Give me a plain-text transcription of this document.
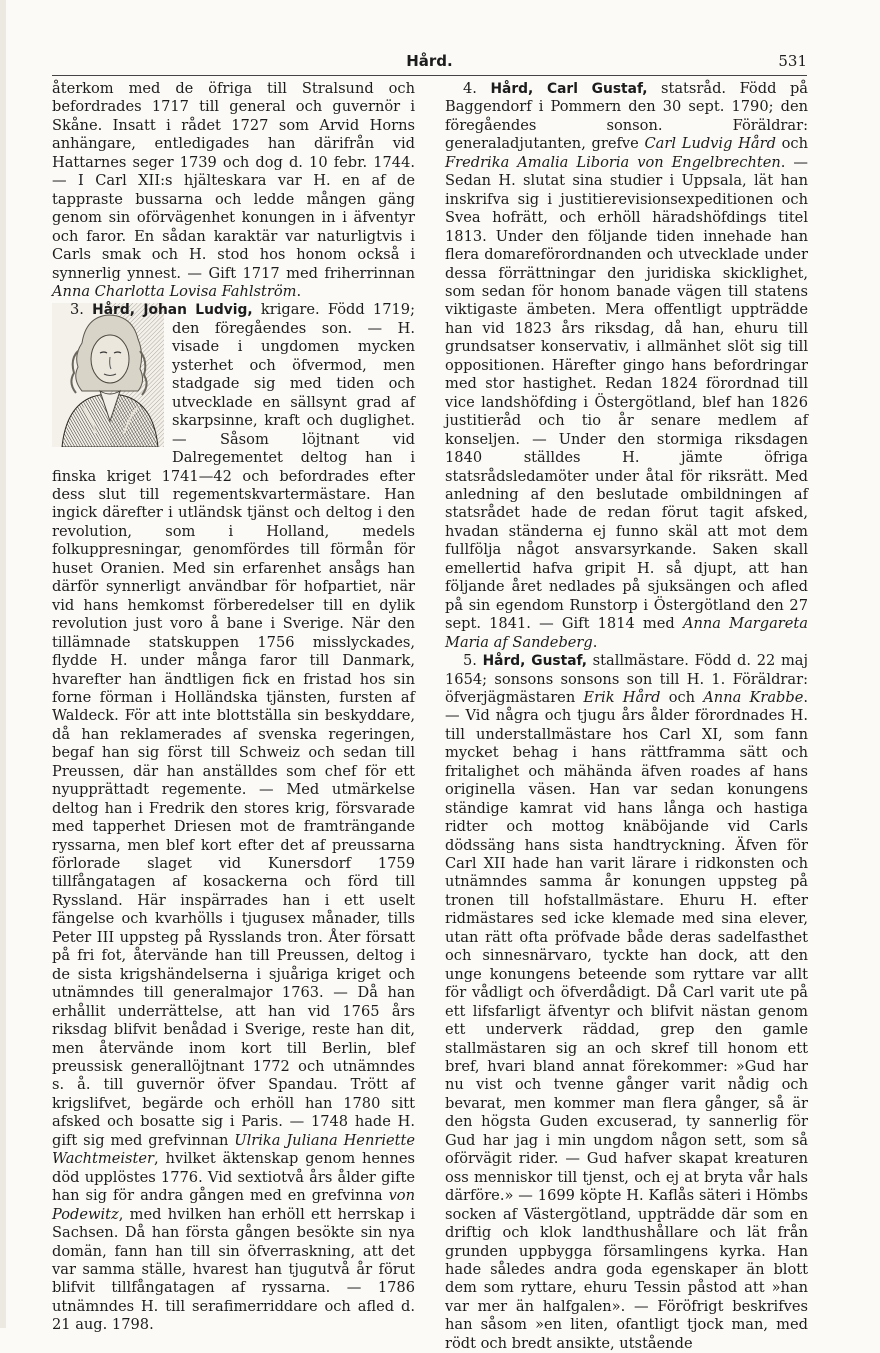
Hård.	531

återkom med de öfriga till Stralsund och befordrades 1717 till general och guvernör i Skåne. Insatt i rådet 1727 som Arvid Horns anhängare, entledigades han därifrån vid Hattarnes seger 1739 och dog d. 10 febr. 1744. — I Carl XII:s hjälteskara var H. en af de tappraste bussarna och ledde mången gäng genom sin oförvägenhet konungen in i äfventyr och faror. En sådan karaktär var naturligtvis i Carls smak och H. stod hos honom också i synnerlig ynnest. — Gift 1717 med friherrinnan Anna Charlotta Lovisa Fahlström.

3. Hård, Johan Ludvig,
krigare. Född 1719; den föregåendes son. — H. visade i ungdomen mycken ysterhet och öfvermod, men stadgade sig med tiden och utvecklade en sällsynt grad af skarpsinne, kraft och duglighet. — Såsom löjtnant vid Dalregementet deltog han i finska kriget 1741—42 och befordrades efter dess slut till regementskvartermästare. Han ingick därefter i utländsk tjänst och deltog i den revolution, som i Holland, medels folkuppresningar, genomfördes till förmån för huset Oranien. Med sin erfarenhet ansågs han därför synnerligt användbar för hofpartiet, när vid hans hemkomst förberedelser till en dylik revolution just voro å bane i Sverige. När den tillämnade statskuppen 1756 misslyckades, flydde H. under många faror till Danmark, hvarefter han ändtligen fick en fristad hos sin forne förman i Holländska tjänsten, fursten af Waldeck. För att inte blottställa sin beskyddare, då han reklamerades af svenska regeringen, begaf han sig först till Schweiz och sedan till Preussen, där han anställdes som chef för ett nyupprättadt regemente. — Med utmärkelse deltog han i Fredrik den stores krig, försvarade med tapperhet Driesen mot de framträngande ryssarna, men blef kort efter det af preussarna förlorade slaget vid Kunersdorf 1759 tillfångatagen af kosackerna och förd till Ryssland. Här inspärrades han i ett uselt fängelse och kvarhölls i tjugusex månader, tills Peter III uppsteg på Rysslands tron. Åter försatt på fri fot, återvände han till Preussen, deltog i de sista krigshändelserna i sjuåriga kriget och utnämndes till generalmajor 1763. — Då han erhållit underrättelse, att han vid 1765 års riksdag blifvit benådad i Sverige, reste han dit, men återvände inom kort till Berlin, blef preussisk generallöjtnant 1772 och utnämndes s. å. till guvernör öfver Spandau. Trött af krigslifvet, begärde och erhöll han 1780 sitt afsked och bosatte sig i Paris. — 1748 hade H. gift sig med grefvinnan Ulrika Juliana Henriette Wachtmeister, hvilket äktenskap genom hennes död upplöstes 1776. Vid sextiotvå års ålder gifte han sig för andra gången med en grefvinna von Podewitz, med hvilken han erhöll ett herrskap i Sachsen. Då han första gången besökte sin nya domän, fann han till sin öfverraskning, att det var samma ställe, hvarest han tjugutvå år förut blifvit tillfångatagen af ryssarna. — 1786 utnämndes H. till serafimerriddare och afled d. 21 aug. 1798.

4. Hård, Carl Gustaf, statsråd. Född på Baggendorf i Pommern den 30 sept. 1790; den föregåendes sonson. Föräldrar: generaladjutanten, grefve Carl Ludvig Hård och Fredrika Amalia Liboria von Engelbrechten. — Sedan H. slutat sina studier i Uppsala, lät han inskrifva sig i justitierevisionsexpeditionen och Svea hofrätt, och erhöll häradshöfdings titel 1813. Under den följande tiden innehade han flera domareförordnanden och utvecklade under dessa förrättningar den juridiska skicklighet, som sedan för honom banade vägen till statens viktigaste ämbeten. Mera offentligt uppträdde han vid 1823 års riksdag, då han, ehuru till grundsatser konservativ, i allmänhet slöt sig till oppositionen. Härefter gingo hans befordringar med stor hastighet. Redan 1824 förordnad till vice landshöfding i Östergötland, blef han 1826 justitieråd och tio år senare medlem af konseljen. — Under den stormiga riksdagen 1840 ställdes H. jämte öfriga statsrådsledamöter under åtal för riksrätt. Med anledning af den beslutade ombildningen af statsrådet hade de redan förut tagit afsked, hvadan ständerna ej funno skäl att mot dem fullfölja något ansvarsyrkande. Saken skall emellertid hafva gripit H. så djupt, att han följande året nedlades på sjuksängen och afled på sin egendom Runstorp i Östergötland den 27 sept. 1841. — Gift 1814 med Anna Margareta Maria af Sandeberg.

5. Hård, Gustaf, stallmästare. Född d. 22 maj 1654; sonsons sonsons son till H. 1. Föräldrar: öfverjägmästaren Erik Hård och Anna Krabbe. — Vid några och tjugu års ålder förordnades H. till understallmästare hos Carl XI, som fann mycket behag i hans rättframma sätt och fritalighet och mähända äfven roades af hans originella väsen. Han var sedan konungens ständige kamrat vid hans långa och hastiga ridter och mottog knäböjande vid Carls dödssäng hans sista handtryckning. Äfven för Carl XII hade han varit lärare i ridkonsten och utnämndes samma år konungen uppsteg på tronen till hofstallmästare. Ehuru H. efter ridmästares sed icke klemade med sina elever, utan rätt ofta pröfvade både deras sadelfasthet och sinnesnärvaro, tyckte han dock, att den unge konungens beteende som ryttare var allt för vådligt och öfverdådigt. Då Carl varit ute på ett lifsfarligt äfventyr och blifvit nästan genom ett underverk räddad, grep den gamle stallmästaren sig an och skref till honom ett bref, hvari bland annat förekommer: »Gud har nu vist och tvenne gånger varit nådig och bevarat, men kommer man flera gånger, så är den högsta Guden excuserad, ty sannerlig för Gud har jag i min ungdom någon sett, som så oförvägit rider. — Gud hafver skapat kreaturen oss menniskor till tjenst, och ej at bryta vår hals därföre.» — 1699 köpte H. Kaflås säteri i Hömbs socken af Västergötland, uppträdde där som en driftig och klok landthushållare och lät från grunden uppbygga församlingens kyrka. Han hade således andra goda egenskaper än blott dem som ryttare, ehuru Tessin påstod att »han var mer än halfgalen». — Föröfrigt beskrifves han såsom »en liten, ofantligt tjock man, med rödt och bredt ansikte, utstående
